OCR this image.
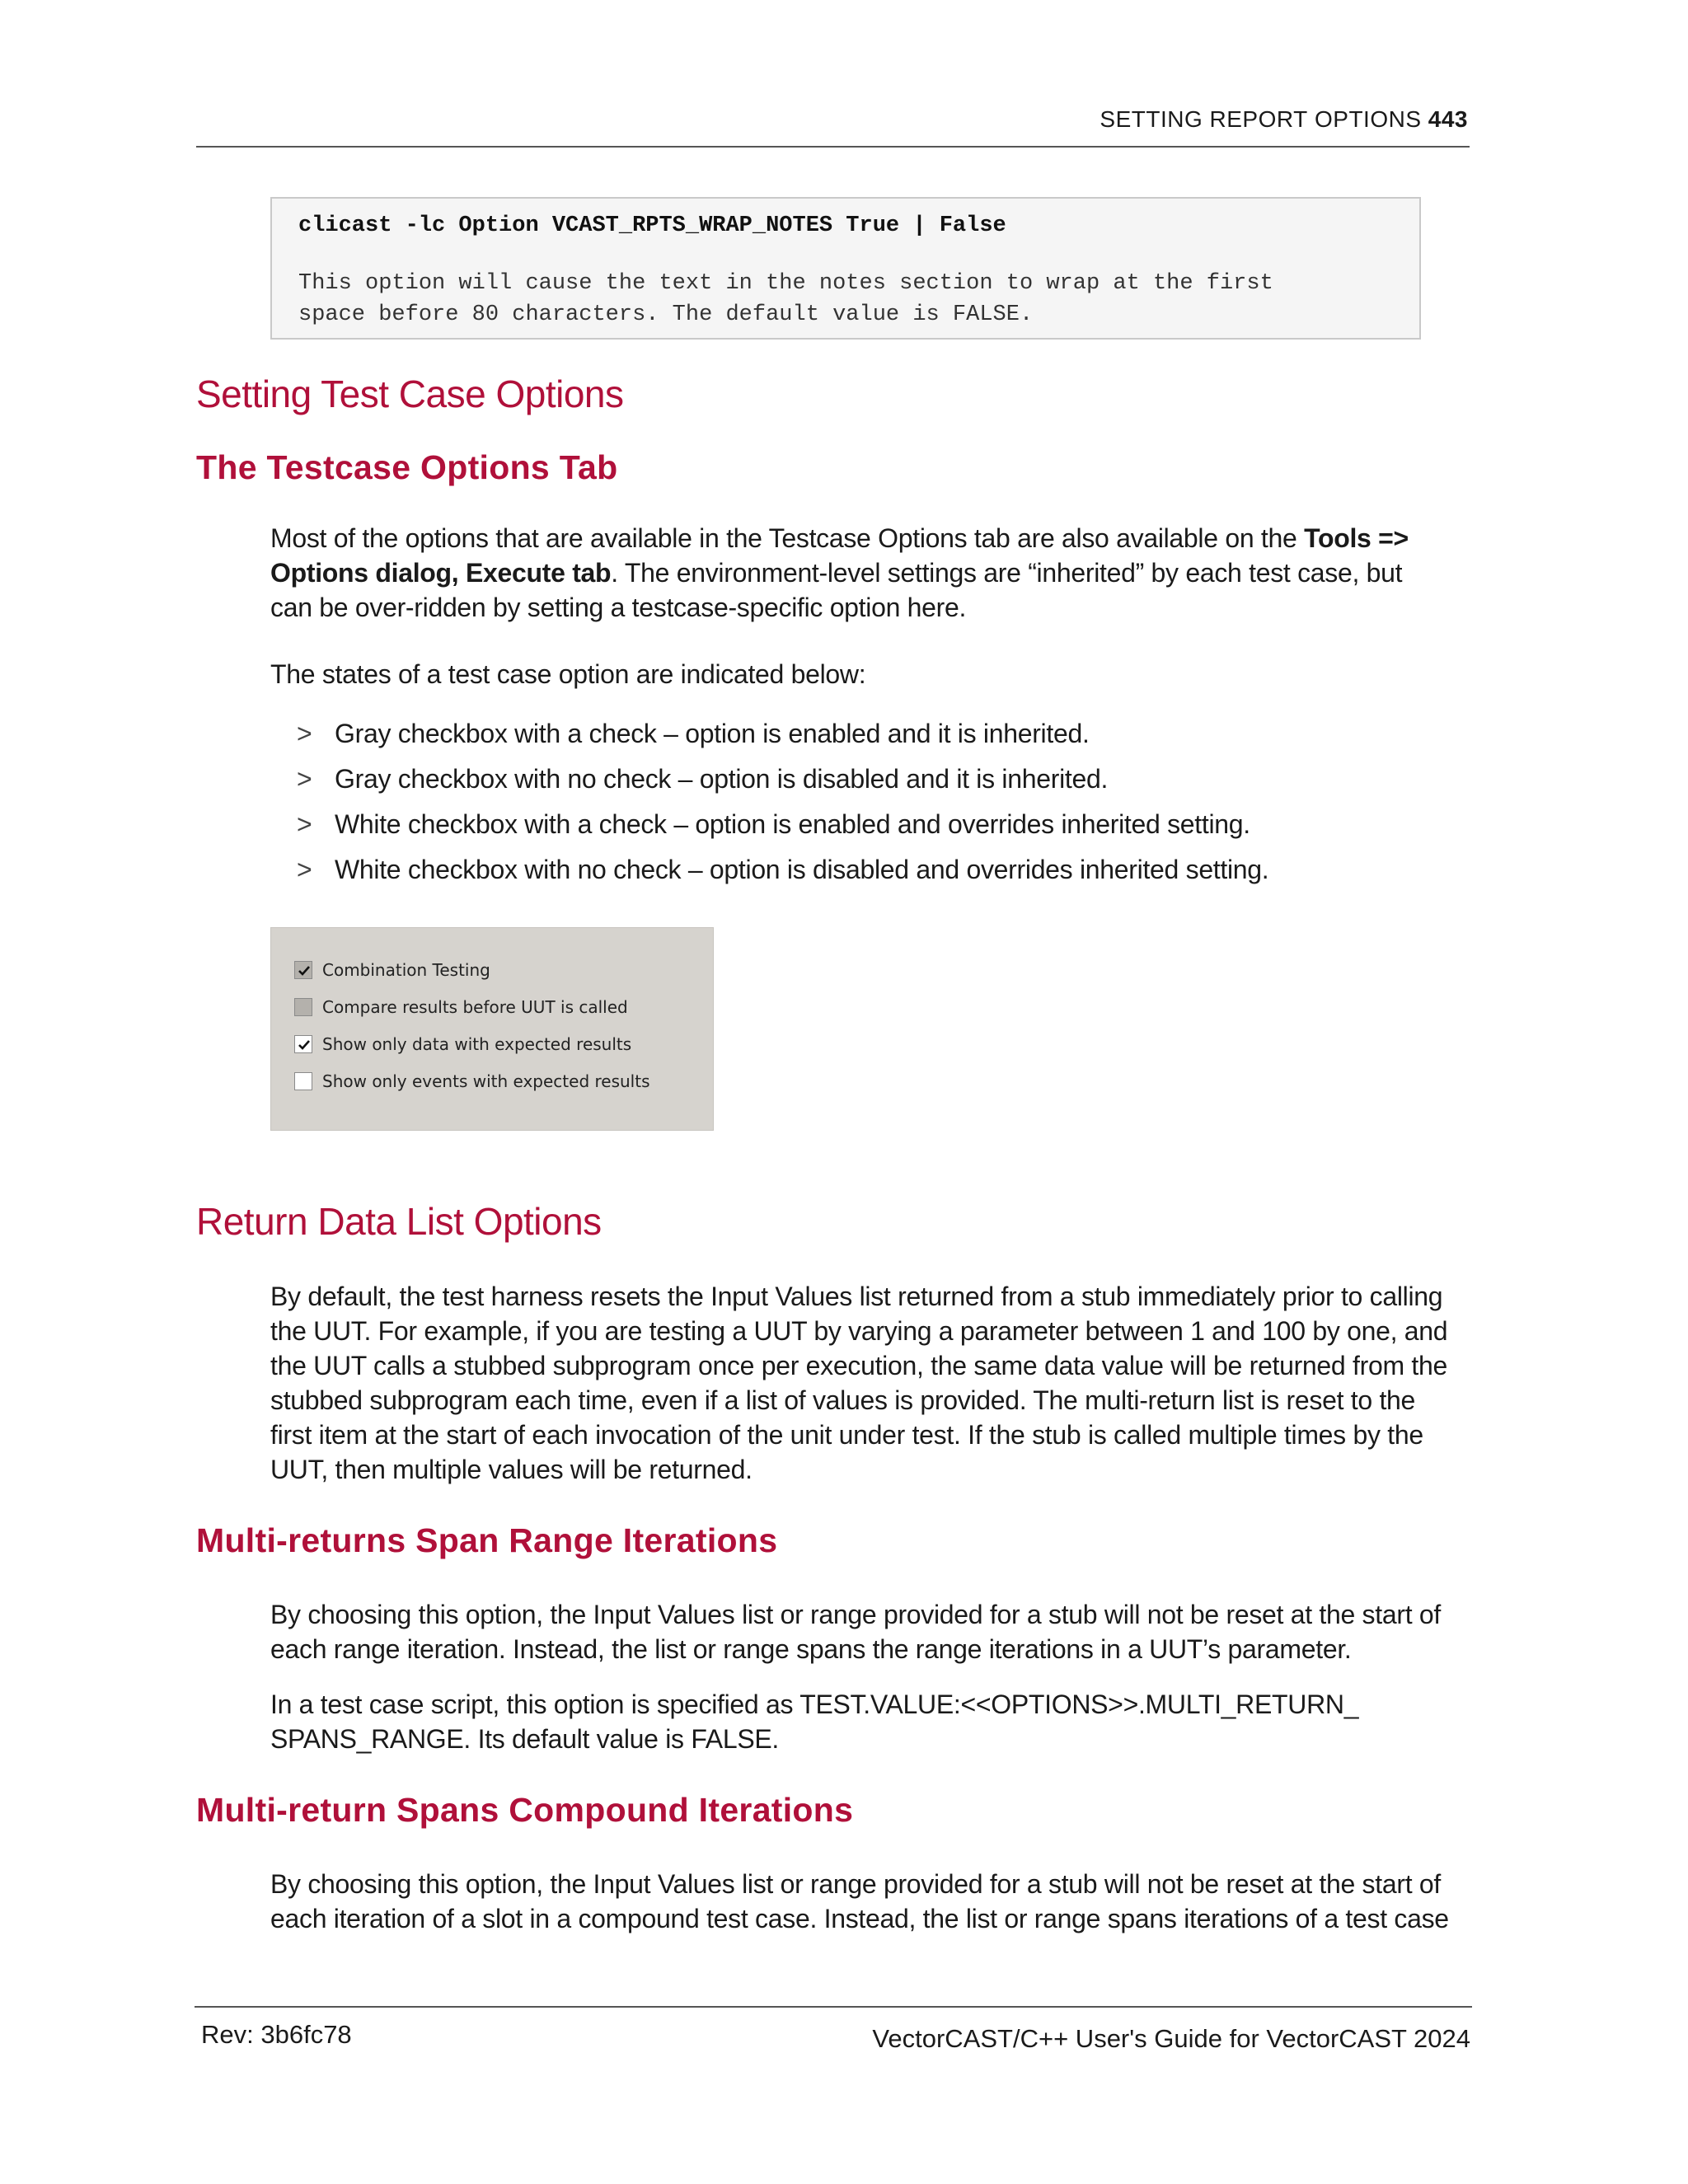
SETTING REPORT OPTIONS 443
clicast -lc Option VCAST_RPTS_WRAP_NOTES True | False
This option will cause the text in the notes section to wrap at the first
space before 80 characters. The default value is FALSE.
Setting Test Case Options
The Testcase Options Tab
Most of the options that are available in the Testcase Options tab are also available on the Tools =>
Options dialog, Execute tab. The environment-level settings are “inherited” by each test case, but
can be over-ridden by setting a testcase-specific option here.
The states of a test case option are indicated below:
> Gray checkbox with a check – option is enabled and it is inherited.
> Gray checkbox with no check – option is disabled and it is inherited.
> White checkbox with a check – option is enabled and overrides inherited setting.
> White checkbox with no check – option is disabled and overrides inherited setting.
Combination Testing
Compare results before UUT is called
Show only data with expected results
Show only events with expected results
Return Data List Options
By default, the test harness resets the Input Values list returned from a stub immediately prior to calling
the UUT. For example, if you are testing a UUT by varying a parameter between 1 and 100 by one, and
the UUT calls a stubbed subprogram once per execution, the same data value will be returned from the
stubbed subprogram each time, even if a list of values is provided. The multi-return list is reset to the
first item at the start of each invocation of the unit under test. If the stub is called multiple times by the
UUT, then multiple values will be returned.
Multi-returns Span Range Iterations
By choosing this option, the Input Values list or range provided for a stub will not be reset at the start of
each range iteration. Instead, the list or range spans the range iterations in a UUT’s parameter.
In a test case script, this option is specified as TEST.VALUE:<<OPTIONS>>.MULTI_RETURN_
SPANS_RANGE. Its default value is FALSE.
Multi-return Spans Compound Iterations
By choosing this option, the Input Values list or range provided for a stub will not be reset at the start of
each iteration of a slot in a compound test case. Instead, the list or range spans iterations of a test case
Rev: 3b6fc78	VectorCAST/C++ User's Guide for VectorCAST 2024
